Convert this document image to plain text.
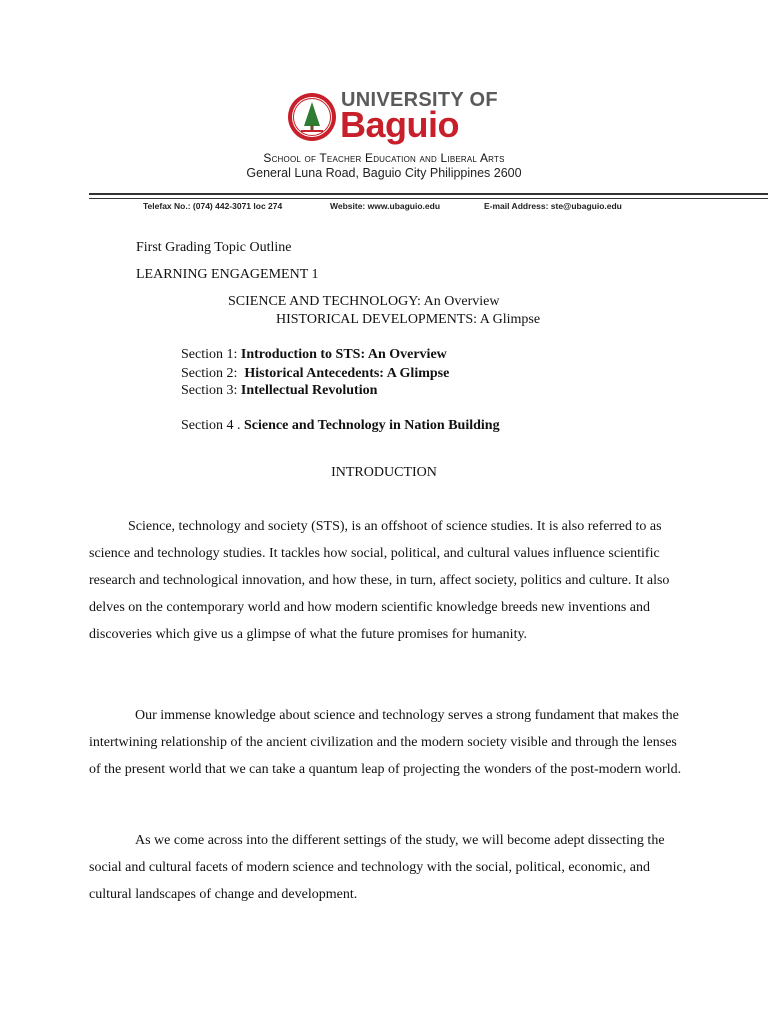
UNIVERSITY OF
Baguio
School of Teacher Education and Liberal Arts
General Luna Road, Baguio City Philippines 2600
Telefax No.: (074) 442-3071 loc 274	Website: www.ubaguio.edu	E-mail Address: ste@ubaguio.edu
First Grading Topic Outline
LEARNING ENGAGEMENT 1
SCIENCE AND TECHNOLOGY: An Overview
HISTORICAL DEVELOPMENTS: A Glimpse
Section 1: Introduction to STS: An Overview
Section 2:  Historical Antecedents: A Glimpse
Section 3: Intellectual Revolution
Section 4 . Science and Technology in Nation Building
INTRODUCTION

Science, technology and society (STS), is an offshoot of science studies. It is also referred to as science and technology studies. It tackles how social, political, and cultural values influence scientific research and technological innovation, and how these, in turn, affect society, politics and culture. It also delves on the contemporary world and how modern scientific knowledge breeds new inventions and discoveries which give us a glimpse of what the future promises for humanity.

Our immense knowledge about science and technology serves a strong fundament that makes the intertwining relationship of the ancient civilization and the modern society visible and through the lenses of the present world that we can take a quantum leap of projecting the wonders of the post-modern world.

As we come across into the different settings of the study, we will become adept dissecting the social and cultural facets of modern science and technology with the social, political, economic, and cultural landscapes of change and development.
